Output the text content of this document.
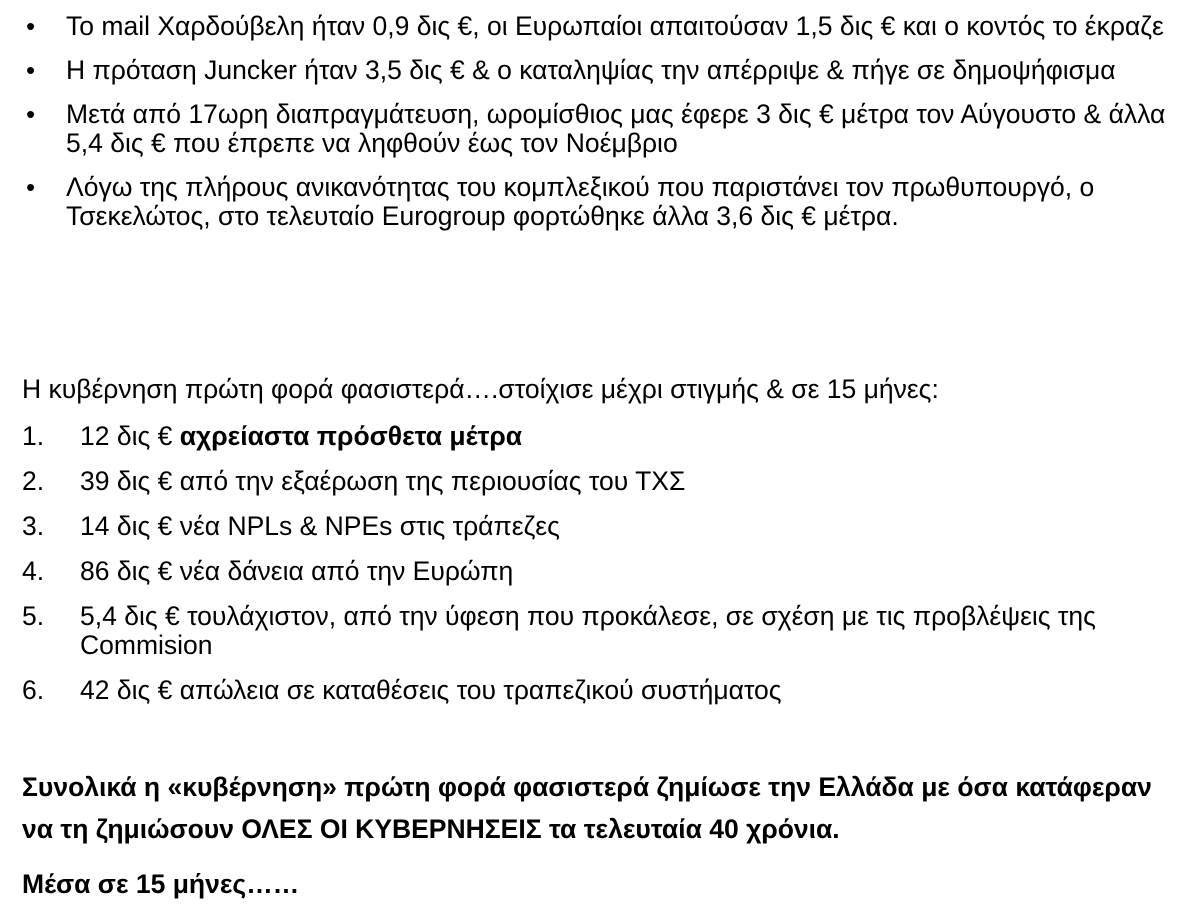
• Το mail Χαρδούβελη ήταν 0,9 δις €, οι Ευρωπαίοι απαιτούσαν 1,5 δις € και ο κοντός το έκραζε
• Η πρόταση Juncker ήταν 3,5 δις € & ο καταληψίας την απέρριψε & πήγε σε δημοψήφισμα
• Μετά από 17ωρη διαπραγμάτευση, ωρομίσθιος μας έφερε 3 δις € μέτρα τον Αύγουστο & άλλα 5,4 δις € που έπρεπε να ληφθούν έως τον Νοέμβριο
• Λόγω της πλήρους ανικανότητας του κομπλεξικού που παριστάνει τον πρωθυπουργό, ο Τσεκελώτος, στο τελευταίο Eurogroup φορτώθηκε άλλα 3,6 δις € μέτρα.
Η κυβέρνηση πρώτη φορά φασιστερά….στοίχισε μέχρι στιγμής & σε 15 μήνες:
1. 12 δις € αχρείαστα πρόσθετα μέτρα
2. 39 δις € από την εξαέρωση της περιουσίας του ΤΧΣ
3. 14 δις € νέα NPLs & NPEs στις τράπεζες
4. 86 δις € νέα δάνεια από την Ευρώπη
5. 5,4 δις € τουλάχιστον, από την ύφεση που προκάλεσε, σε σχέση με τις προβλέψεις της Commision
6. 42 δις € απώλεια σε καταθέσεις του τραπεζικού συστήματος
Συνολικά η «κυβέρνηση» πρώτη φορά φασιστερά ζημίωσε την Ελλάδα με όσα κατάφεραν να τη ζημιώσουν ΟΛΕΣ ΟΙ ΚΥΒΕΡΝΗΣΕΙΣ τα τελευταία 40 χρόνια.
Μέσα σε 15 μήνες……
